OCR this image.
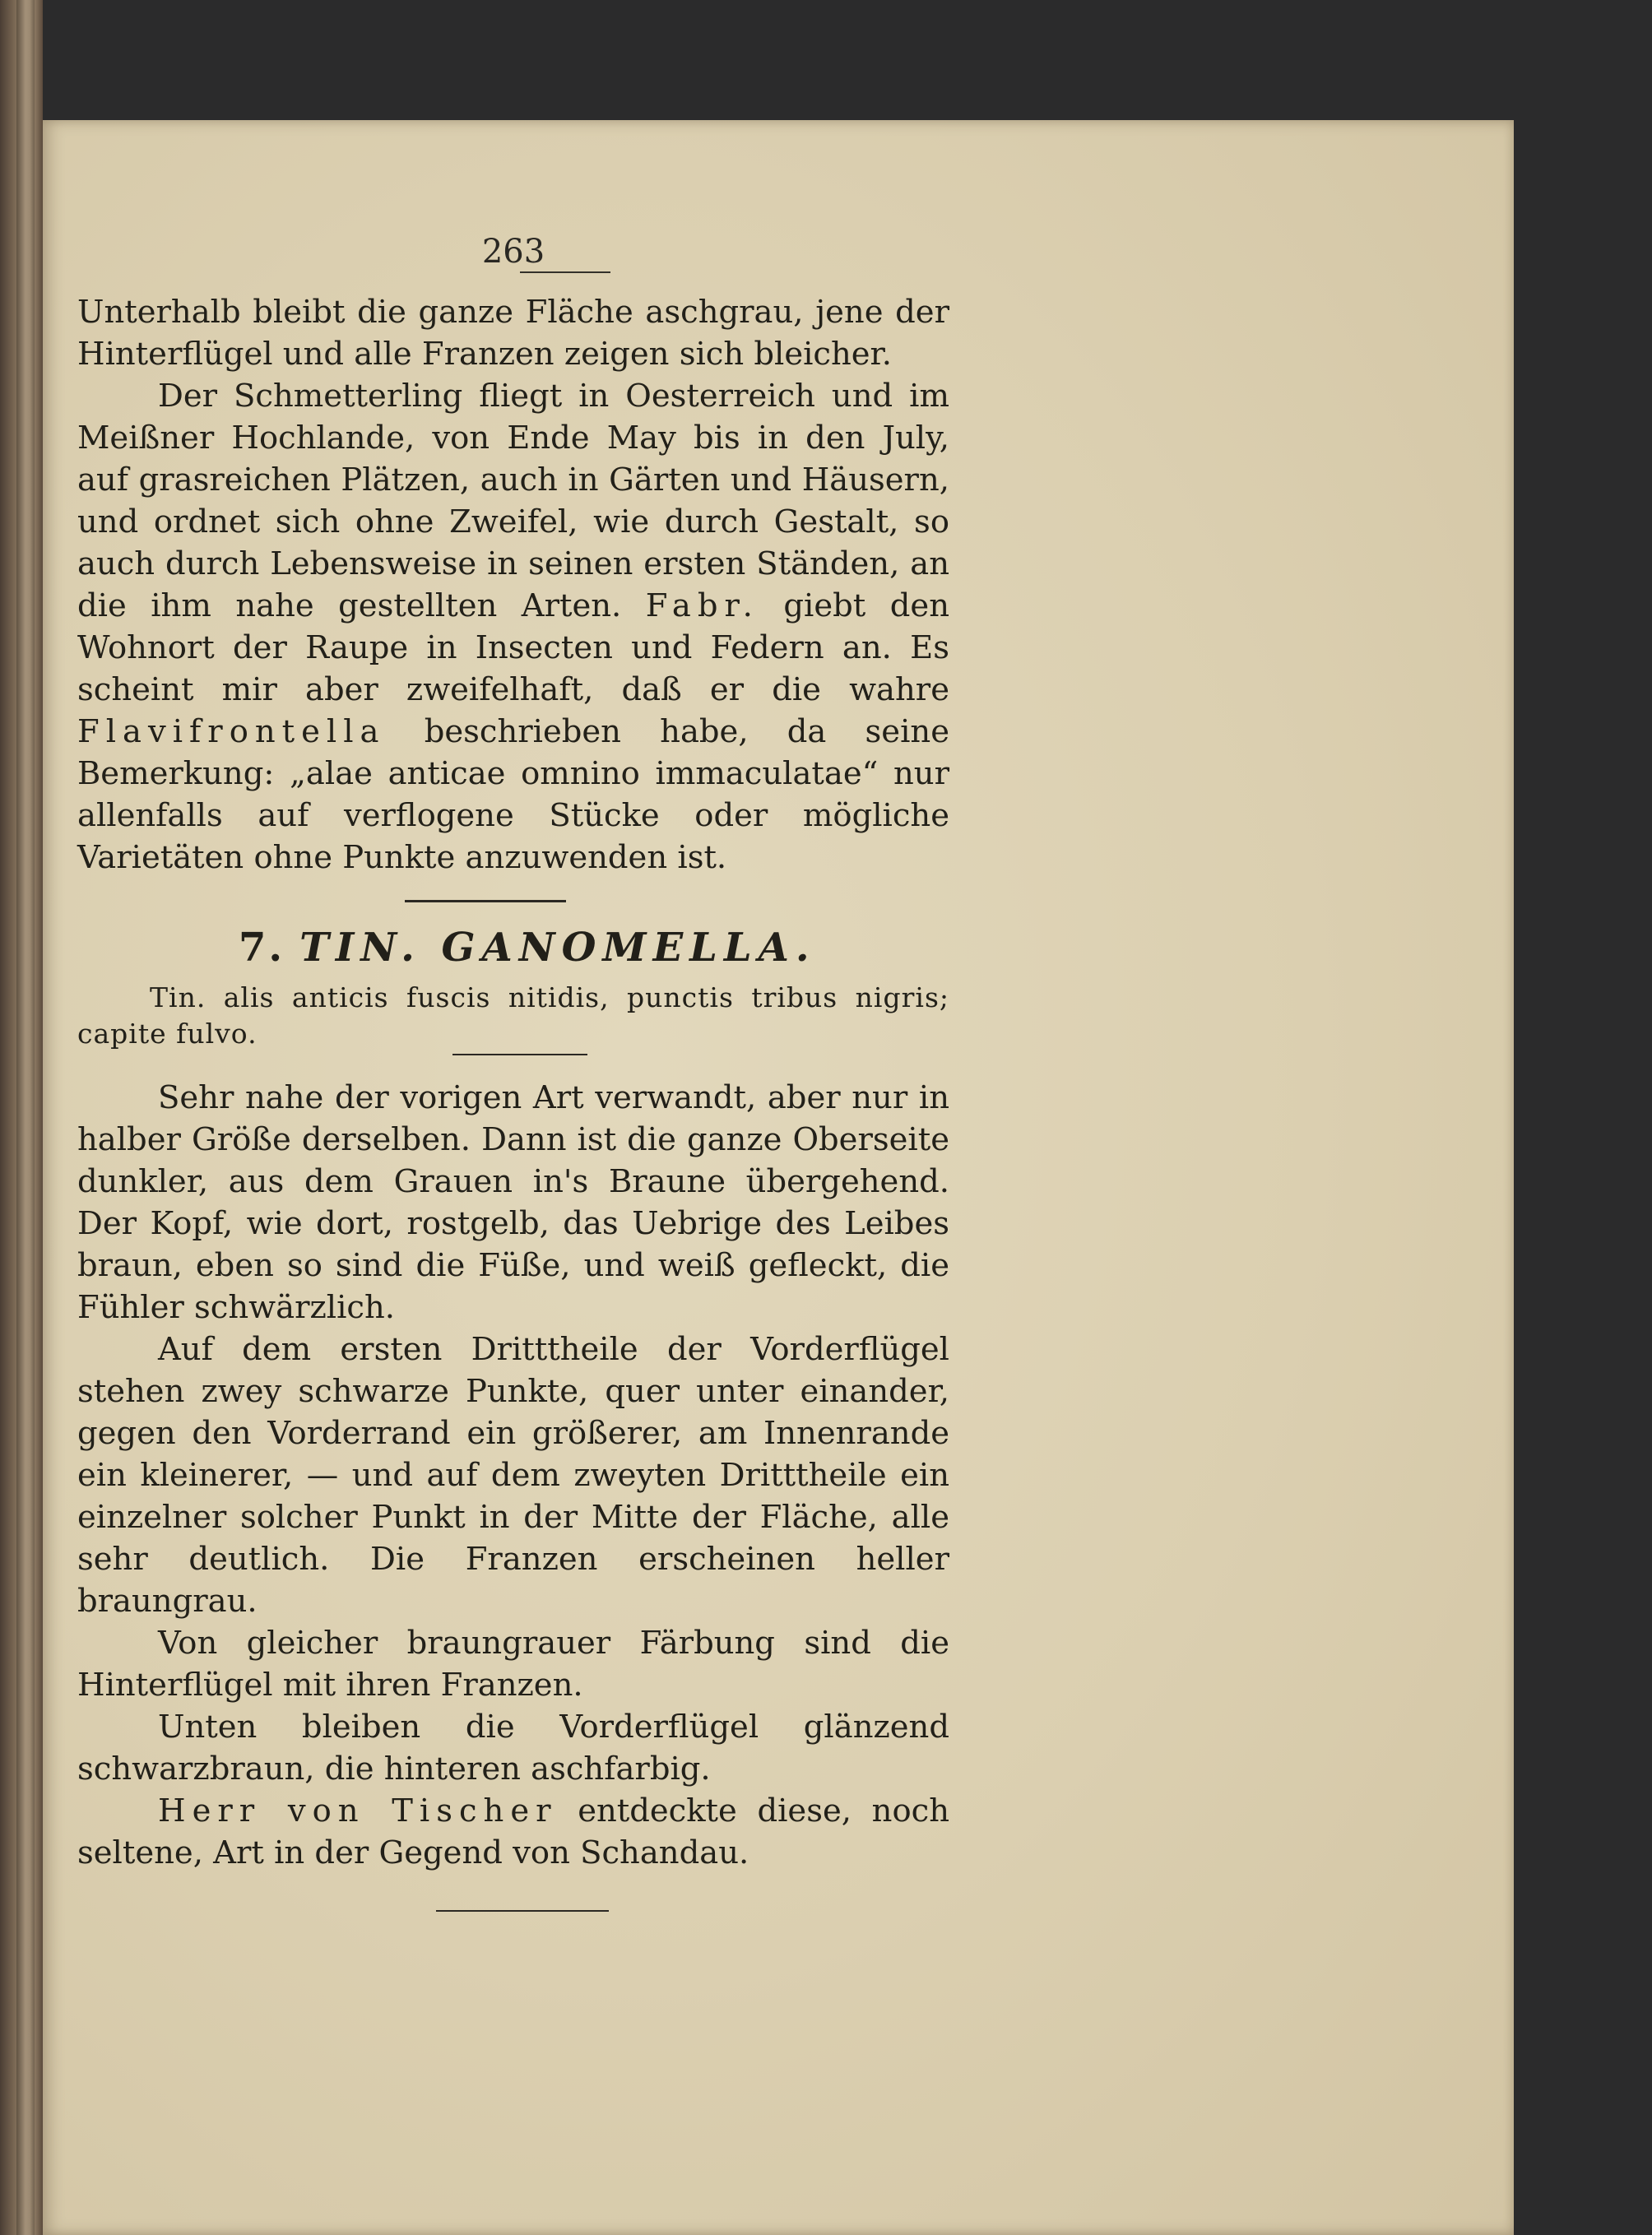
263

Unterhalb bleibt die ganze Fläche aschgrau, jene der Hinterflügel und alle Franzen zeigen sich bleicher.

Der Schmetterling fliegt in Oesterreich und im Meißner Hochlande, von Ende May bis in den July, auf grasreichen Plätzen, auch in Gärten und Häusern, und ordnet sich ohne Zweifel, wie durch Gestalt, so auch durch Lebensweise in seinen ersten Ständen, an die ihm nahe gestellten Arten. Fabr. giebt den Wohnort der Raupe in Insecten und Federn an. Es scheint mir aber zweifelhaft, daß er die wahre Flavifrontella beschrieben habe, da seine Bemerkung: „alae anticae omnino immaculatae“ nur allenfalls auf verflogene Stücke oder mögliche Varietäten ohne Punkte anzuwenden ist.

7. TIN. GANOMELLA.

Tin. alis anticis fuscis nitidis, punctis tribus nigris; capite fulvo.

Sehr nahe der vorigen Art verwandt, aber nur in halber Größe derselben. Dann ist die ganze Oberseite dunkler, aus dem Grauen in's Braune übergehend. Der Kopf, wie dort, rostgelb, das Uebrige des Leibes braun, eben so sind die Füße, und weiß gefleckt, die Fühler schwärzlich.

Auf dem ersten Dritttheile der Vorderflügel stehen zwey schwarze Punkte, quer unter einander, gegen den Vorderrand ein größerer, am Innenrande ein kleinerer, — und auf dem zweyten Dritttheile ein einzelner solcher Punkt in der Mitte der Fläche, alle sehr deutlich. Die Franzen erscheinen heller braungrau.

Von gleicher braungrauer Färbung sind die Hinterflügel mit ihren Franzen.

Unten bleiben die Vorderflügel glänzend schwarzbraun, die hinteren aschfarbig.

Herr von Tischer entdeckte diese, noch seltene, Art in der Gegend von Schandau.
